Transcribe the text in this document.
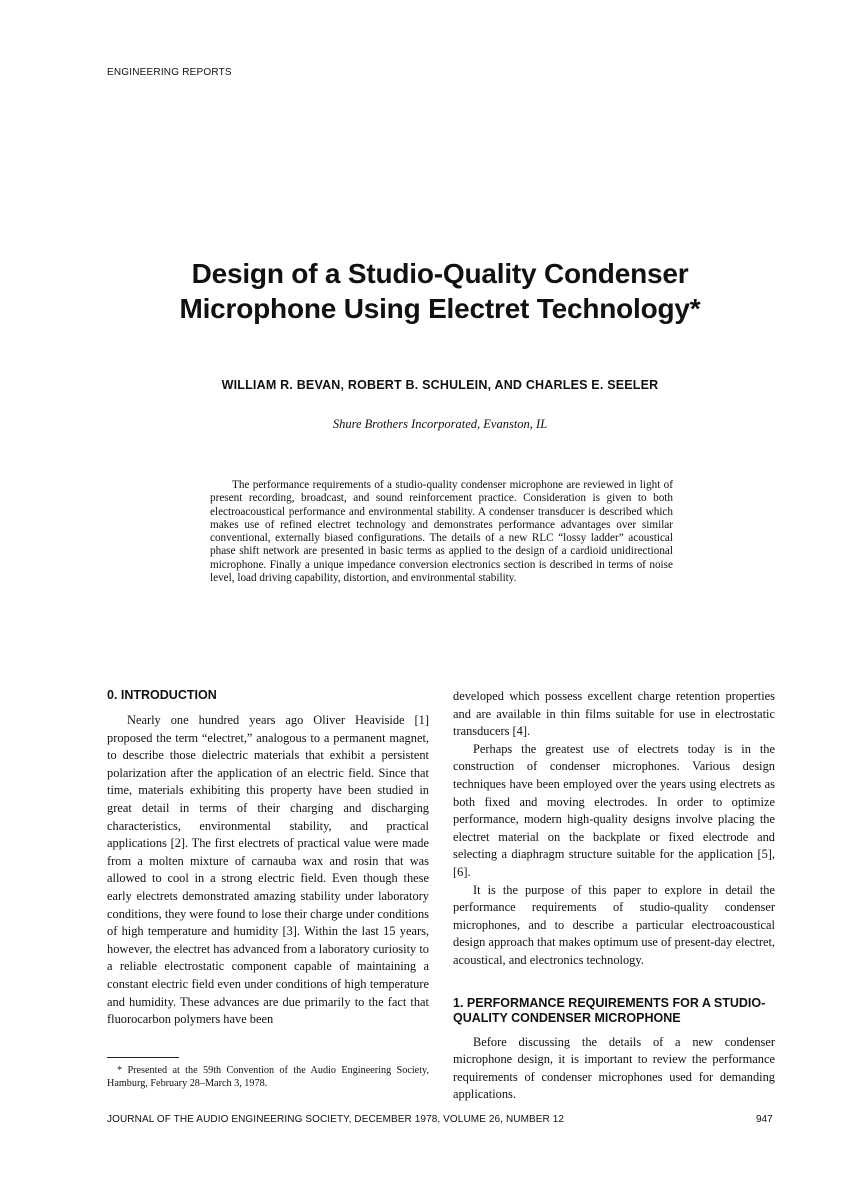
ENGINEERING REPORTS
Design of a Studio-Quality Condenser
Microphone Using Electret Technology*
WILLIAM R. BEVAN, ROBERT B. SCHULEIN, AND CHARLES E. SEELER
Shure Brothers Incorporated, Evanston, IL

The performance requirements of a studio-quality condenser microphone are reviewed in light of present recording, broadcast, and sound reinforcement practice. Consideration is given to both electroacoustical performance and environmental stability. A condenser transducer is described which makes use of refined electret technology and demonstrates performance advantages over similar conventional, externally biased configurations. The details of a new RLC “lossy ladder” acoustical phase shift network are presented in basic terms as applied to the design of a cardioid unidirectional microphone. Finally a unique impedance conversion electronics section is described in terms of noise level, load driving capability, distortion, and environmental stability.

0. INTRODUCTION

Nearly one hundred years ago Oliver Heaviside [1] proposed the term “electret,” analogous to a permanent magnet, to describe those dielectric materials that exhibit a persistent polarization after the application of an electric field. Since that time, materials exhibiting this property have been studied in great detail in terms of their charging and discharging characteristics, environmental stability, and practical applications [2]. The first electrets of practical value were made from a molten mixture of carnauba wax and rosin that was allowed to cool in a strong electric field. Even though these early electrets demonstrated amazing stability under laboratory conditions, they were found to lose their charge under conditions of high temperature and humidity [3]. Within the last 15 years, however, the electret has advanced from a laboratory curiosity to a reliable electrostatic component capable of maintaining a constant electric field even under conditions of high temperature and humidity. These advances are due primarily to the fact that fluorocarbon polymers have been

developed which possess excellent charge retention properties and are available in thin films suitable for use in electrostatic transducers [4].

Perhaps the greatest use of electrets today is in the construction of condenser microphones. Various design techniques have been employed over the years using electrets as both fixed and moving electrodes. In order to optimize performance, modern high-quality designs involve placing the electret material on the backplate or fixed electrode and selecting a diaphragm structure suitable for the application [5], [6].

It is the purpose of this paper to explore in detail the performance requirements of studio-quality condenser microphones, and to describe a particular electroacoustical design approach that makes optimum use of present-day electret, acoustical, and electronics technology.

1. PERFORMANCE REQUIREMENTS FOR A STUDIO-QUALITY CONDENSER MICROPHONE

Before discussing the details of a new condenser microphone design, it is important to review the performance requirements of condenser microphones used for demanding applications.

* Presented at the 59th Convention of the Audio Engineering Society, Hamburg, February 28–March 3, 1978.

JOURNAL OF THE AUDIO ENGINEERING SOCIETY, DECEMBER 1978, VOLUME 26, NUMBER 12	947
